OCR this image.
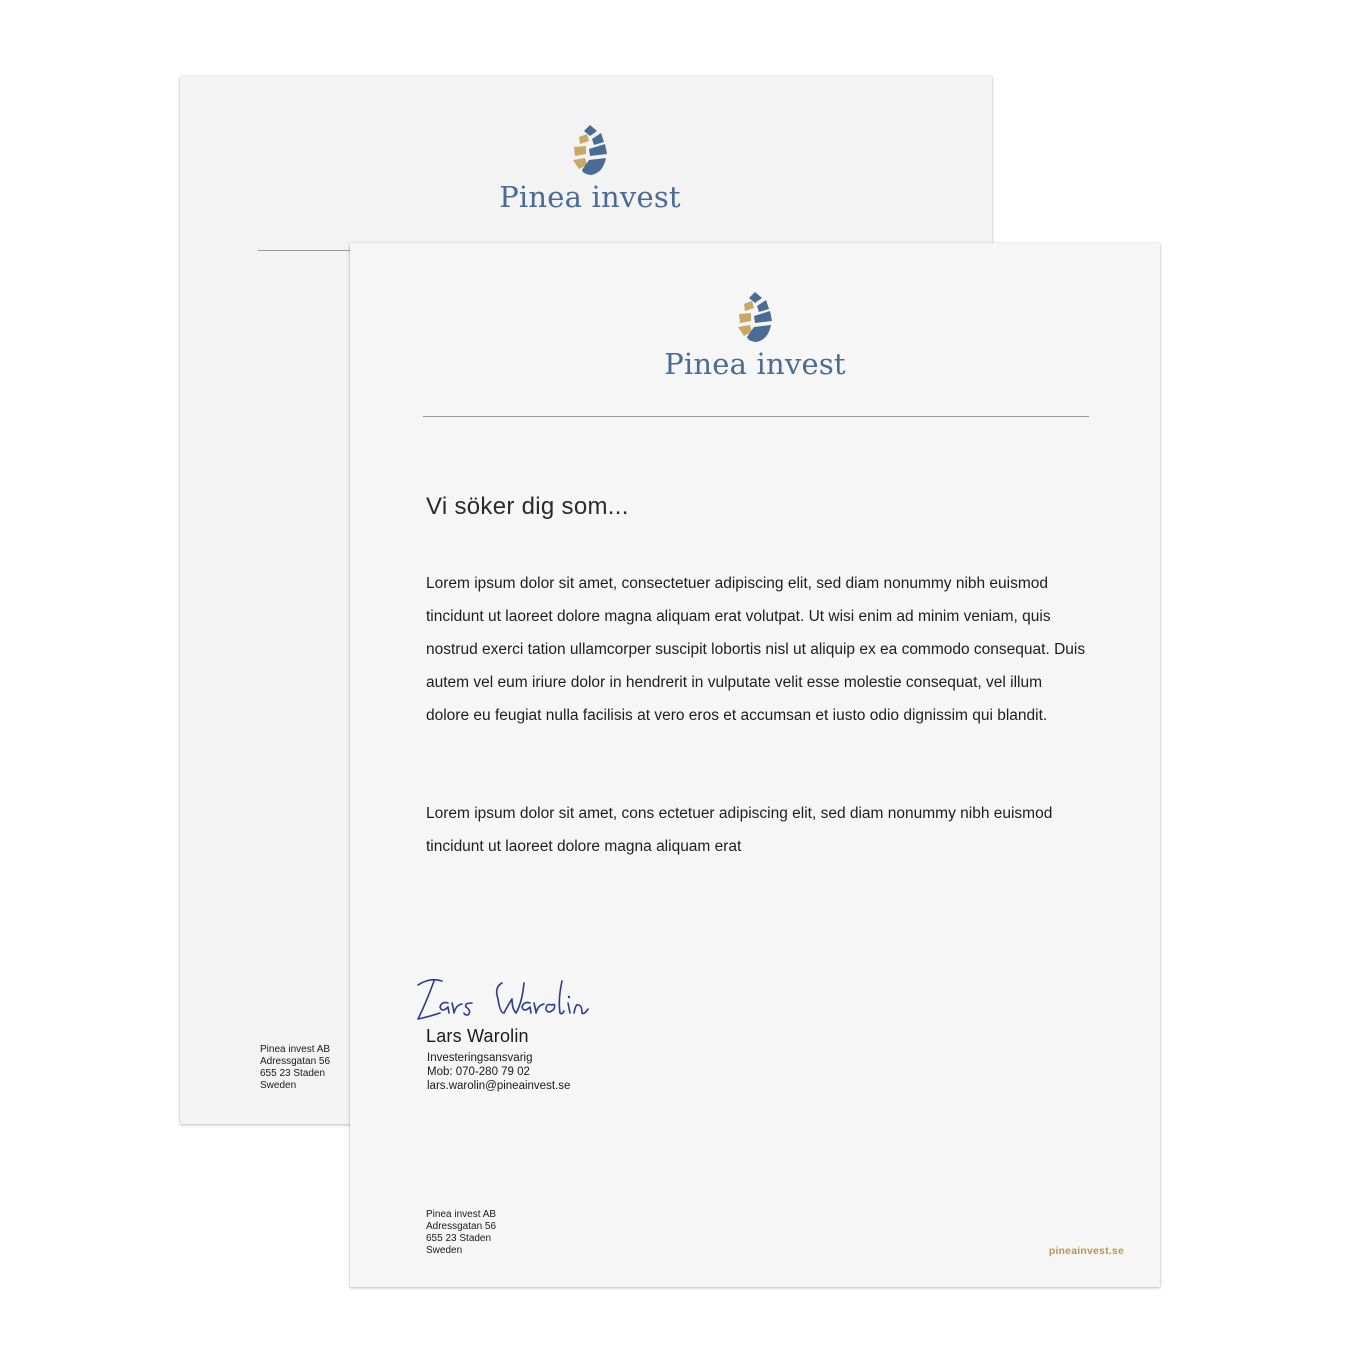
Pinea invest
Pinea invest AB
Adressgatan 56
655 23 Staden
Sweden
Pinea invest
Vi söker dig som...
Lorem ipsum dolor sit amet, consectetuer adipiscing elit, sed diam nonummy nibh euismod tincidunt ut laoreet dolore magna aliquam erat volutpat. Ut wisi enim ad minim veniam, quis nostrud exerci tation ullamcorper suscipit lobortis nisl ut aliquip ex ea commodo consequat. Duis autem vel eum iriure dolor in hendrerit in vulputate velit esse molestie consequat, vel illum dolore eu feugiat nulla facilisis at vero eros et accumsan et iusto odio dignissim qui blandit.
Lorem ipsum dolor sit amet, cons ectetuer adipiscing elit, sed diam nonummy nibh euismod tincidunt ut laoreet dolore magna aliquam erat
Lars Warolin
Investeringsansvarig
Mob: 070-280 79 02
lars.warolin@pineainvest.se
Pinea invest AB
Adressgatan 56
655 23 Staden
Sweden	pineainvest.se
